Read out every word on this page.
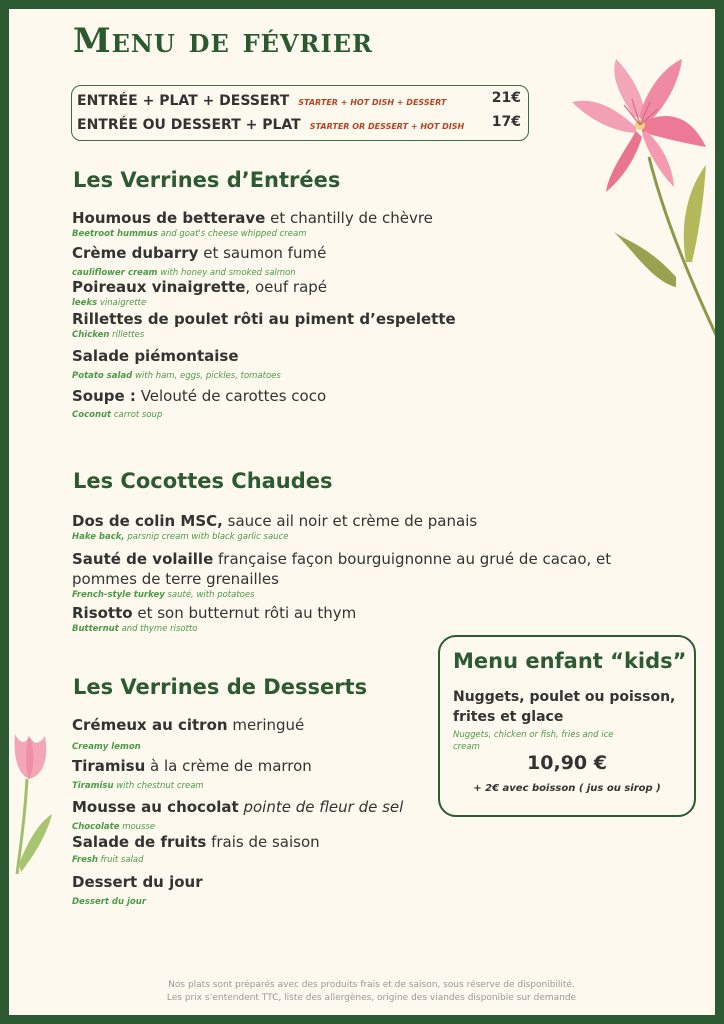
Menu de février
ENTRÉE + PLAT + DESSERT STARTER + HOT DISH + DESSERT	21€
ENTRÉE OU DESSERT + PLAT STARTER OR DESSERT + HOT DISH 17€
Les Verrines d’Entrées
Houmous de betterave et chantilly de chèvre
Beetroot hummus and goat's cheese whipped cream
Crème dubarry et saumon fumé
cauliflower cream with honey and smoked salmon
Poireaux vinaigrette, oeuf rapé
leeks vinaigrette
Rillettes de poulet rôti au piment d’espelette
Chicken rillettes
Salade piémontaise
Potato salad with ham, eggs, pickles, tomatoes
Soupe : Velouté de carottes coco
Coconut carrot soup
Les Cocottes Chaudes
Dos de colin MSC, sauce ail noir et crème de panais
Hake back, parsnip cream with black garlic sauce
Sauté de volaille française façon bourguignonne au grué de cacao, et pommes de terre grenailles
French-style turkey sauté, with potatoes
Risotto et son butternut rôti au thym
Butternut and thyme risotto
Les Verrines de Desserts
Crémeux au citron meringué
Creamy lemon
Tiramisu à la crème de marron
Tiramisu with chestnut cream
Mousse au chocolat pointe de fleur de sel
Chocolate mousse
Salade de fruits frais de saison
Fresh fruit salad
Dessert du jour
Dessert du jour
Menu enfant “kids”
Nuggets, poulet ou poisson, frites et glace
Nuggets, chicken or fish, fries and ice cream
10,90 €
+ 2€ avec boisson ( jus ou sirop )
Nos plats sont préparés avec des produits frais et de saison, sous réserve de disponibilité.
Les prix s’entendent TTC, liste des allergènes, origine des viandes disponible sur demande
